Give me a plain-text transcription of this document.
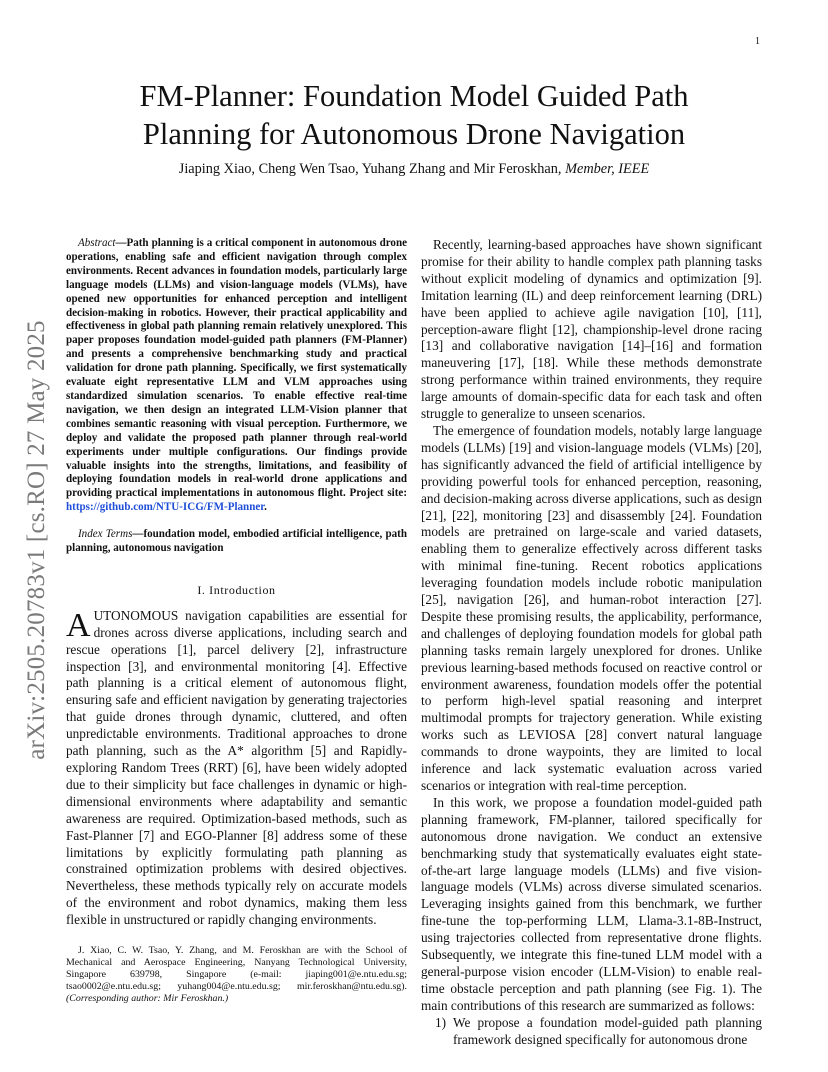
1
arXiv:2505.20783v1 [cs.RO] 27 May 2025
FM-Planner: Foundation Model Guided Path
Planning for Autonomous Drone Navigation
Jiaping Xiao, Cheng Wen Tsao, Yuhang Zhang and Mir Feroskhan, Member, IEEE

Abstract—Path planning is a critical component in autonomous drone operations, enabling safe and efficient navigation through complex environments. Recent advances in foundation models, particularly large language models (LLMs) and vision-language models (VLMs), have opened new opportunities for enhanced perception and intelligent decision-making in robotics. However, their practical applicability and effectiveness in global path planning remain relatively unexplored. This paper proposes foundation model-guided path planners (FM-Planner) and presents a comprehensive benchmarking study and practical validation for drone path planning. Specifically, we first systematically evaluate eight representative LLM and VLM approaches using standardized simulation scenarios. To enable effective real-time navigation, we then design an integrated LLM-Vision planner that combines semantic reasoning with visual perception. Furthermore, we deploy and validate the proposed path planner through real-world experiments under multiple configurations. Our findings provide valuable insights into the strengths, limitations, and feasibility of deploying foundation models in real-world drone applications and providing practical implementations in autonomous flight. Project site: https://github.com/NTU-ICG/FM-Planner.

Index Terms—foundation model, embodied artificial intelligence, path planning, autonomous navigation

I. Introduction

AUTONOMOUS navigation capabilities are essential for drones across diverse applications, including search and rescue operations [1], parcel delivery [2], infrastructure inspection [3], and environmental monitoring [4]. Effective path planning is a critical element of autonomous flight, ensuring safe and efficient navigation by generating trajectories that guide drones through dynamic, cluttered, and often unpredictable environments. Traditional approaches to drone path planning, such as the A* algorithm [5] and Rapidly-exploring Random Trees (RRT) [6], have been widely adopted due to their simplicity but face challenges in dynamic or high-dimensional environments where adaptability and semantic awareness are required. Optimization-based methods, such as Fast-Planner [7] and EGO-Planner [8] address some of these limitations by explicitly formulating path planning as constrained optimization problems with desired objectives. Nevertheless, these methods typically rely on accurate models of the environment and robot dynamics, making them less flexible in unstructured or rapidly changing environments.

J. Xiao, C. W. Tsao, Y. Zhang, and M. Feroskhan are with the School of Mechanical and Aerospace Engineering, Nanyang Technological University, Singapore 639798, Singapore (e-mail: jiaping001@e.ntu.edu.sg; tsao0002@e.ntu.edu.sg; yuhang004@e.ntu.edu.sg; mir.feroskhan@ntu.edu.sg). (Corresponding author: Mir Feroskhan.)

Recently, learning-based approaches have shown significant promise for their ability to handle complex path planning tasks without explicit modeling of dynamics and optimization [9]. Imitation learning (IL) and deep reinforcement learning (DRL) have been applied to achieve agile navigation [10], [11], perception-aware flight [12], championship-level drone racing [13] and collaborative navigation [14]–[16] and formation maneuvering [17], [18]. While these methods demonstrate strong performance within trained environments, they require large amounts of domain-specific data for each task and often struggle to generalize to unseen scenarios.

The emergence of foundation models, notably large language models (LLMs) [19] and vision-language models (VLMs) [20], has significantly advanced the field of artificial intelligence by providing powerful tools for enhanced perception, reasoning, and decision-making across diverse applications, such as design [21], [22], monitoring [23] and disassembly [24]. Foundation models are pretrained on large-scale and varied datasets, enabling them to generalize effectively across different tasks with minimal fine-tuning. Recent robotics applications leveraging foundation models include robotic manipulation [25], navigation [26], and human-robot interaction [27]. Despite these promising results, the applicability, performance, and challenges of deploying foundation models for global path planning tasks remain largely unexplored for drones. Unlike previous learning-based methods focused on reactive control or environment awareness, foundation models offer the potential to perform high-level spatial reasoning and interpret multimodal prompts for trajectory generation. While existing works such as LEVIOSA [28] convert natural language commands to drone waypoints, they are limited to local inference and lack systematic evaluation across varied scenarios or integration with real-time perception.

In this work, we propose a foundation model-guided path planning framework, FM-planner, tailored specifically for autonomous drone navigation. We conduct an extensive benchmarking study that systematically evaluates eight state-of-the-art large language models (LLMs) and five vision-language models (VLMs) across diverse simulated scenarios. Leveraging insights gained from this benchmark, we further fine-tune the top-performing LLM, Llama-3.1-8B-Instruct, using trajectories collected from representative drone flights. Subsequently, we integrate this fine-tuned LLM model with a general-purpose vision encoder (LLM-Vision) to enable real-time obstacle perception and path planning (see Fig. 1). The main contributions of this research are summarized as follows:

1) We propose a foundation model-guided path planning framework designed specifically for autonomous drone
